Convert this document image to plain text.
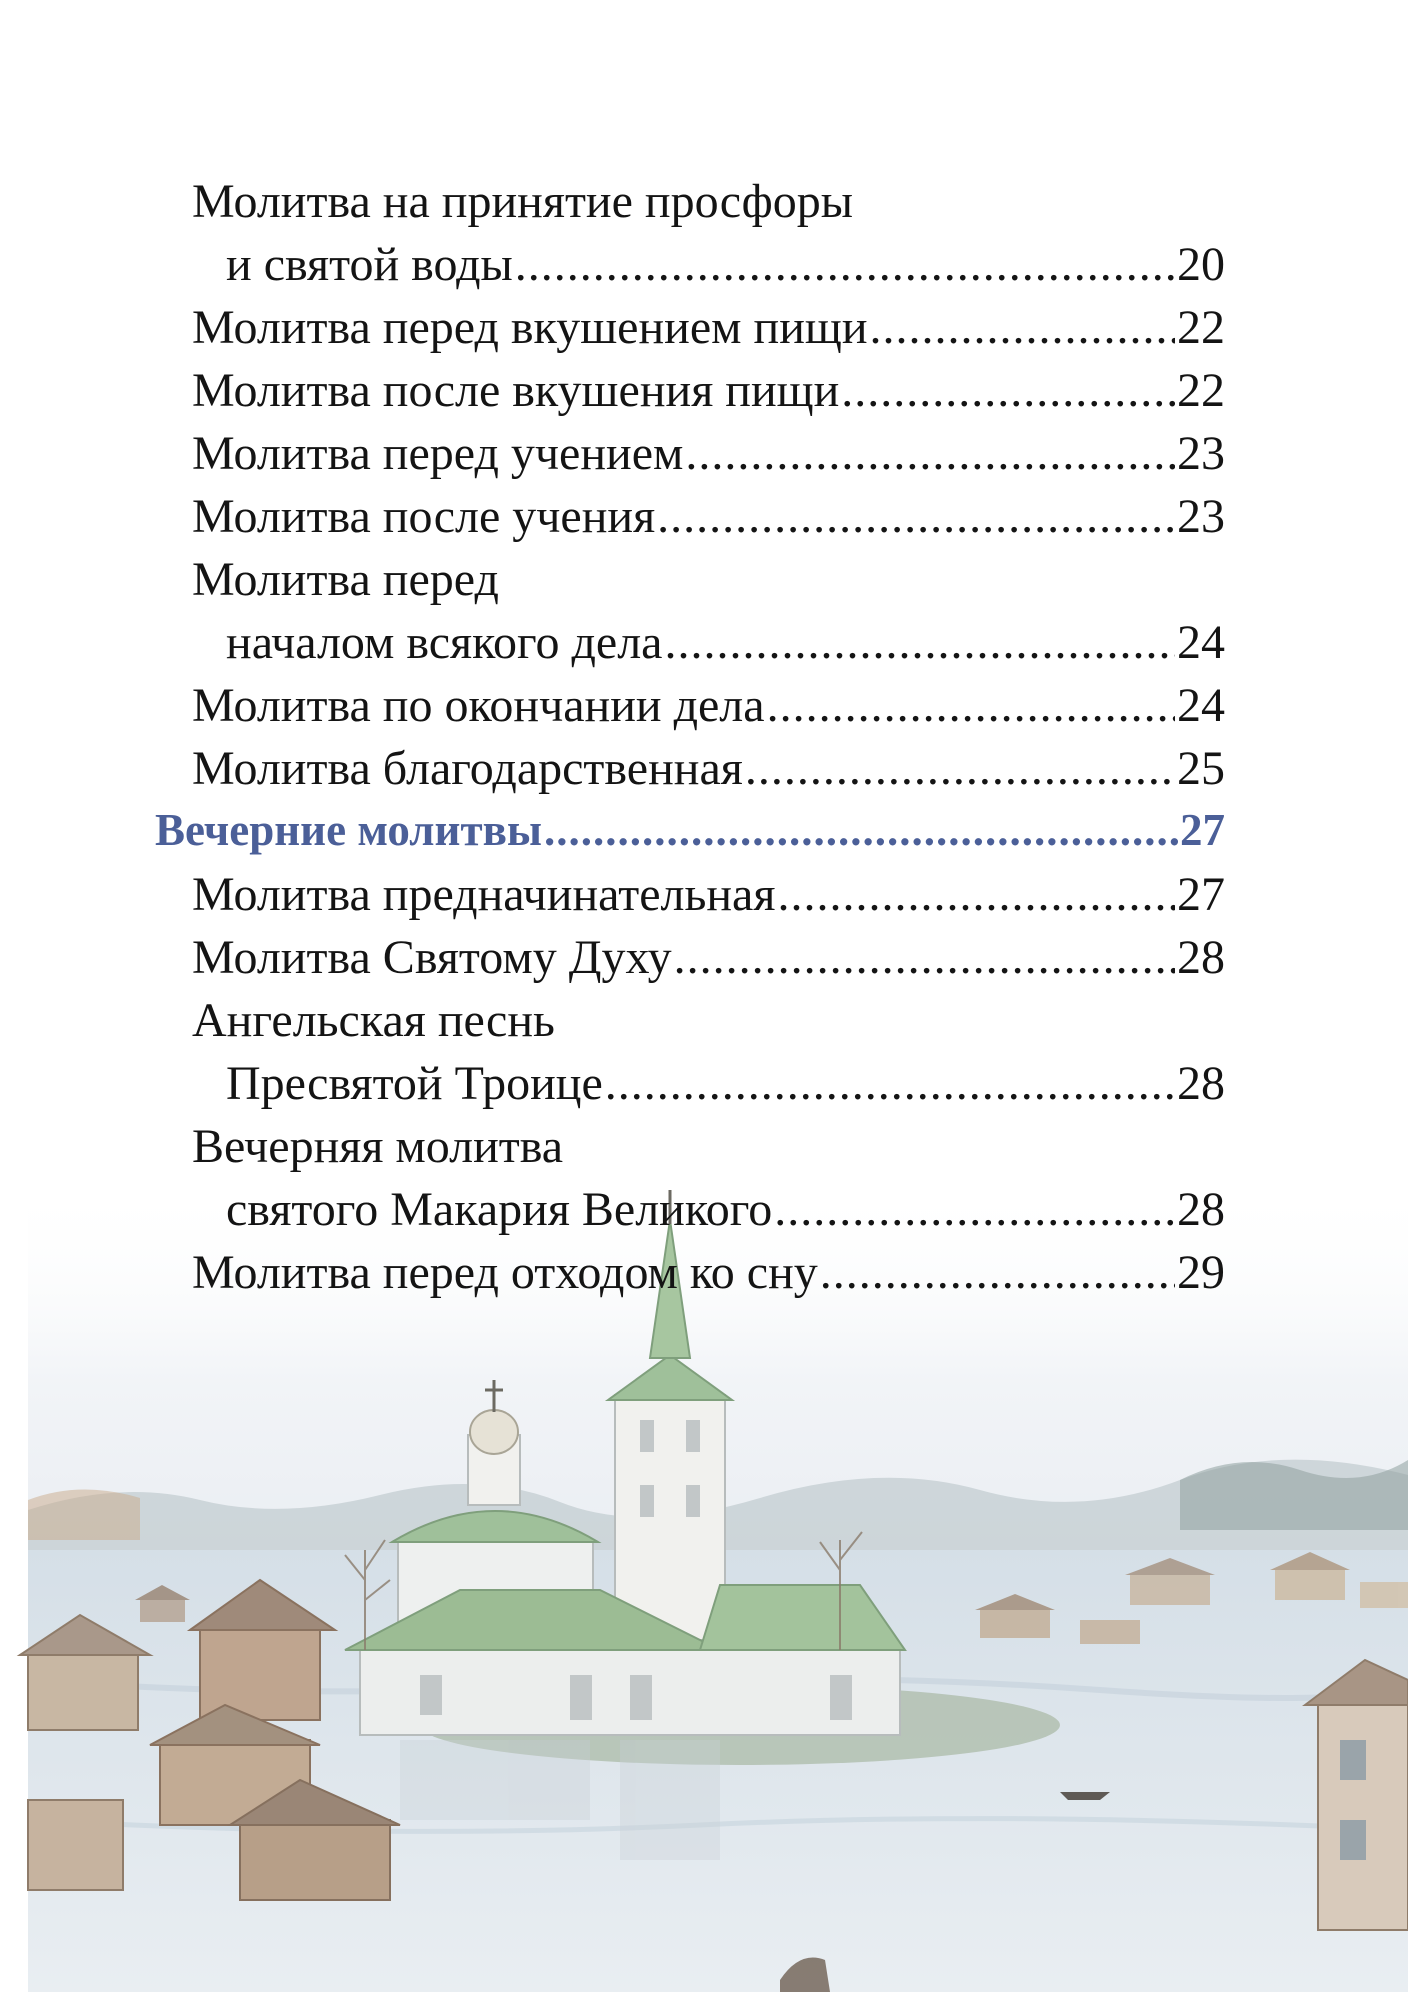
Молитва на принятие просфоры
и святой воды .....	20
Молитва перед вкушением пищи .....	22
Молитва после вкушения пищи .....	22
Молитва перед учением .....	23
Молитва после учения .....	23
Молитва перед
началом всякого дела .....	24
Молитва по окончании дела .....	24
Молитва благодарственная .....	25
Вечерние молитвы .....	27
Молитва предначинательная .....	27
Молитва Святому Духу .....	28
Ангельская песнь
Пресвятой Троице .....	28
Вечерняя молитва
святого Макария Великого .....	28
Молитва перед отходом ко сну .....	29
